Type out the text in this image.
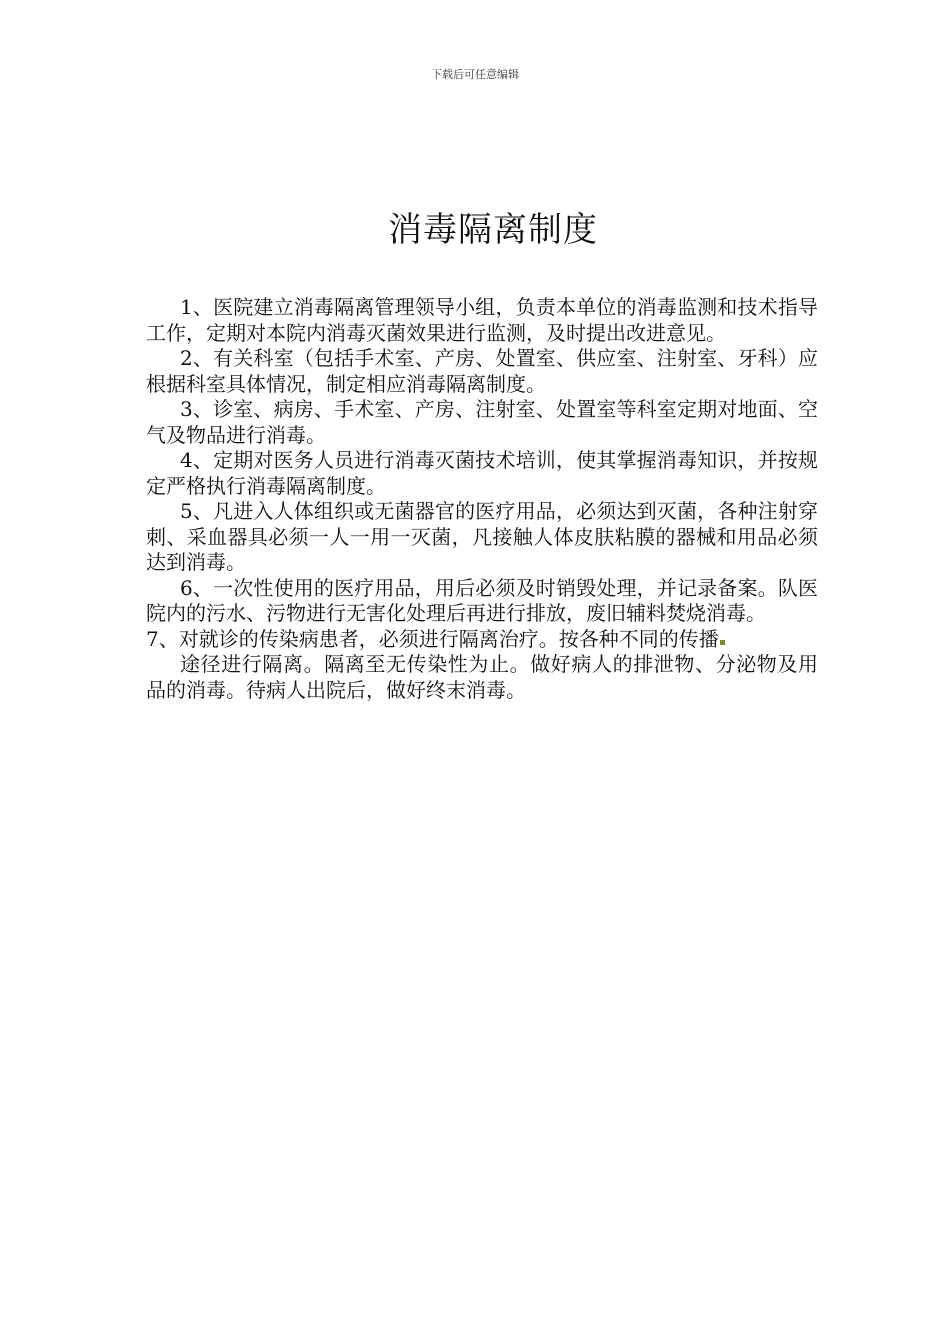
下载后可任意编辑
消毒隔离制度

1、医院建立消毒隔离管理领导小组，负责本单位的消毒监测和技术指导工作，定期对本院内消毒灭菌效果进行监测，及时提出改进意见。

2、有关科室（包括手术室、产房、处置室、供应室、注射室、牙科）应根据科室具体情况，制定相应消毒隔离制度。

3、诊室、病房、手术室、产房、注射室、处置室等科室定期对地面、空气及物品进行消毒。

4、定期对医务人员进行消毒灭菌技术培训，使其掌握消毒知识，并按规定严格执行消毒隔离制度。

5、凡进入人体组织或无菌器官的医疗用品，必须达到灭菌，各种注射穿刺、采血器具必须一人一用一灭菌，凡接触人体皮肤粘膜的器械和用品必须达到消毒。

6、一次性使用的医疗用品，用后必须及时销毁处理，并记录备案。队医院内的污水、污物进行无害化处理后再进行排放，废旧辅料焚烧消毒。

7、对就诊的传染病患者，必须进行隔离治疗。按各种不同的传播

途径进行隔离。隔离至无传染性为止。做好病人的排泄物、分泌物及用品的消毒。待病人出院后，做好终末消毒。
